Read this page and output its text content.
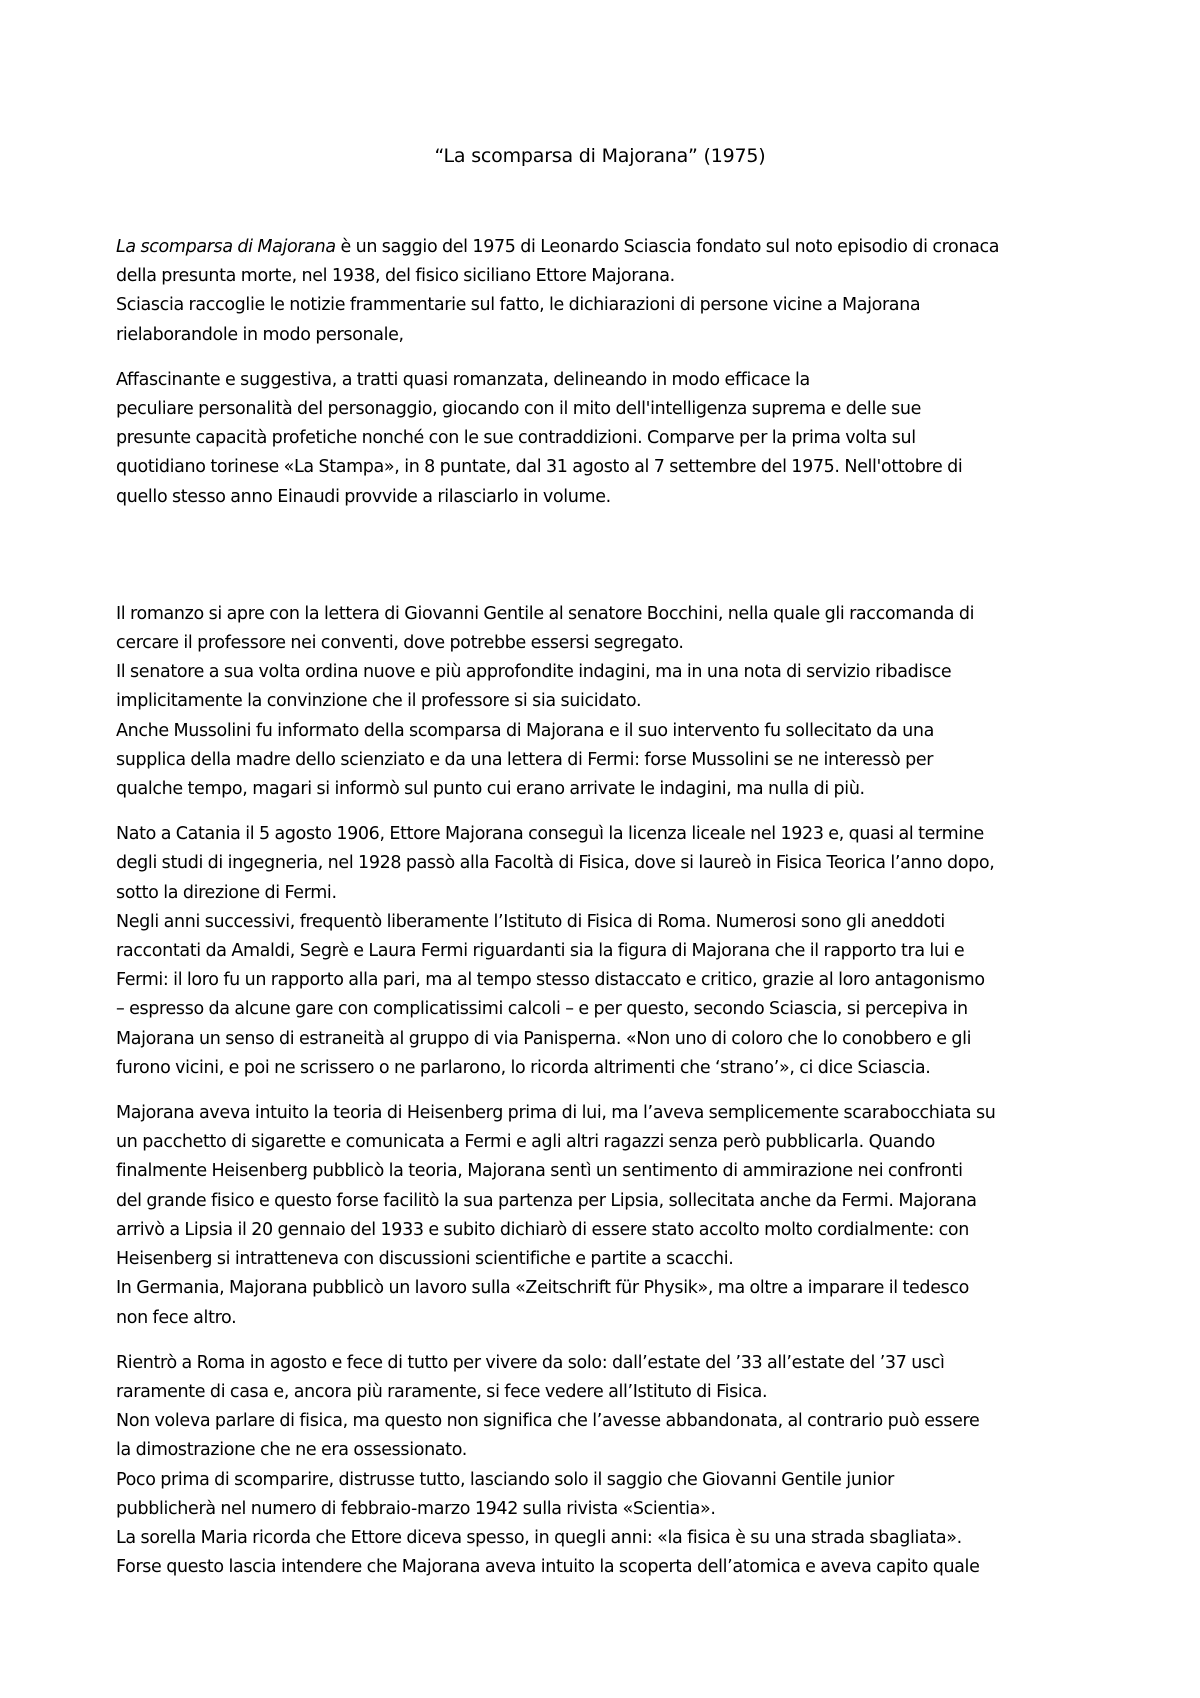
“La scomparsa di Majorana” (1975)
La scomparsa di Majorana è un saggio del 1975 di Leonardo Sciascia fondato sul noto episodio di cronaca
della presunta morte, nel 1938, del fisico siciliano Ettore Majorana.
Sciascia raccoglie le notizie frammentarie sul fatto, le dichiarazioni di persone vicine a Majorana
rielaborandole in modo personale,
Affascinante e suggestiva, a tratti quasi romanzata, delineando in modo efficace la
peculiare personalità del personaggio, giocando con il mito dell'intelligenza suprema e delle sue
presunte capacità profetiche nonché con le sue contraddizioni. Comparve per la prima volta sul
quotidiano torinese «La Stampa», in 8 puntate, dal 31 agosto al 7 settembre del 1975. Nell'ottobre di
quello stesso anno Einaudi provvide a rilasciarlo in volume.
Il romanzo si apre con la lettera di Giovanni Gentile al senatore Bocchini, nella quale gli raccomanda di
cercare il professore nei conventi, dove potrebbe essersi segregato.
Il senatore a sua volta ordina nuove e più approfondite indagini, ma in una nota di servizio ribadisce
implicitamente la convinzione che il professore si sia suicidato.
Anche Mussolini fu informato della scomparsa di Majorana e il suo intervento fu sollecitato da una
supplica della madre dello scienziato e da una lettera di Fermi: forse Mussolini se ne interessò per
qualche tempo, magari si informò sul punto cui erano arrivate le indagini, ma nulla di più.
Nato a Catania il 5 agosto 1906, Ettore Majorana conseguì la licenza liceale nel 1923 e, quasi al termine
degli studi di ingegneria, nel 1928 passò alla Facoltà di Fisica, dove si laureò in Fisica Teorica l’anno dopo,
sotto la direzione di Fermi.
Negli anni successivi, frequentò liberamente l’Istituto di Fisica di Roma. Numerosi sono gli aneddoti
raccontati da Amaldi, Segrè e Laura Fermi riguardanti sia la figura di Majorana che il rapporto tra lui e
Fermi: il loro fu un rapporto alla pari, ma al tempo stesso distaccato e critico, grazie al loro antagonismo
– espresso da alcune gare con complicatissimi calcoli – e per questo, secondo Sciascia, si percepiva in
Majorana un senso di estraneità al gruppo di via Panisperna. «Non uno di coloro che lo conobbero e gli
furono vicini, e poi ne scrissero o ne parlarono, lo ricorda altrimenti che ‘strano’», ci dice Sciascia.
Majorana aveva intuito la teoria di Heisenberg prima di lui, ma l’aveva semplicemente scarabocchiata su
un pacchetto di sigarette e comunicata a Fermi e agli altri ragazzi senza però pubblicarla. Quando
finalmente Heisenberg pubblicò la teoria, Majorana sentì un sentimento di ammirazione nei confronti
del grande fisico e questo forse facilitò la sua partenza per Lipsia, sollecitata anche da Fermi. Majorana
arrivò a Lipsia il 20 gennaio del 1933 e subito dichiarò di essere stato accolto molto cordialmente: con
Heisenberg si intratteneva con discussioni scientifiche e partite a scacchi.
In Germania, Majorana pubblicò un lavoro sulla «Zeitschrift für Physik», ma oltre a imparare il tedesco
non fece altro.
Rientrò a Roma in agosto e fece di tutto per vivere da solo: dall’estate del ’33 all’estate del ’37 uscì
raramente di casa e, ancora più raramente, si fece vedere all’Istituto di Fisica.
Non voleva parlare di fisica, ma questo non significa che l’avesse abbandonata, al contrario può essere
la dimostrazione che ne era ossessionato.
Poco prima di scomparire, distrusse tutto, lasciando solo il saggio che Giovanni Gentile junior
pubblicherà nel numero di febbraio-marzo 1942 sulla rivista «Scientia».
La sorella Maria ricorda che Ettore diceva spesso, in quegli anni: «la fisica è su una strada sbagliata».
Forse questo lascia intendere che Majorana aveva intuito la scoperta dell’atomica e aveva capito quale
